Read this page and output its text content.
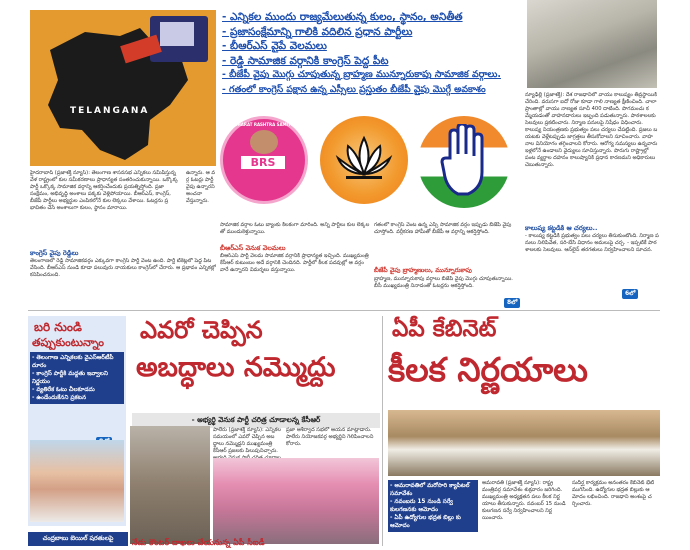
TELANGANA
- ఎన్నికల ముందు రాజ్యమేలుతున్న కులం, స్థానం, అనితీత
- ప్రజాసంక్షేమాన్ని గాలికి వదిలిన ప్రధాన పార్టీలు
- బీఆర్ఎస్ వైపే వెలమలు
- రెడ్డి సామాజిక వర్గానికి కాంగ్రెస్ పెద్ద పీట
- బీజేపీ వైపు మొగ్గు చూపుతున్న బ్రాహ్మణ మున్నూరుకాపు సామాజిక వర్గాలు.
- గతంలో కాంగ్రెస్ పక్షాన ఉన్న ఎస్సీలు ప్రస్తుతం బీజేపీ వైపు మొగ్గే అవకాశం
న్యూఢిల్లీ (ప్రజాశక్తి): దేశ రాజధానిలో వాయు కాలుష్యం తీవ్రస్థాయికి చేరింది. వరుసగా ఐదో రోజు కూడా గాలి నాణ్యత క్షీణించింది. చాలా ప్రాంతాల్లో వాయు నాణ్యత సూచీ 400 దాటింది. పొగమంచు కమ్మేయడంతో వాహనదారులు ఇబ్బంది పడుతున్నారు. పాఠశాలలకు సెలవులు ప్రకటించారు. నిర్మాణ పనులపై నిషేధం విధించారు. కాలుష్య నియంత్రణకు ప్రభుత్వం పలు చర్యలు చేపట్టింది. ప్రజలు బయటకు వెళ్లేటప్పుడు జాగ్రత్తలు తీసుకోవాలని సూచించారు. వాహనాల వినియోగం తగ్గించాలని కోరారు. ఆరోగ్య సమస్యలు ఉన్నవారు ఇళ్లలోనే ఉండాలని వైద్యులు సూచిస్తున్నారు. పొరుగు రాష్ట్రాల్లో పంట వ్యర్థాల దహనం కాలుష్యానికి ప్రధాన కారణమని అధికారులు చెబుతున్నారు.
కాలుష్య కట్టడికి ఆ చర్యలు..
- కాలుష్య కట్టడికి ప్రభుత్వం పలు చర్యలు తీసుకుంటోంది. నిర్మాణ పనులు నిలిపివేత, సరి-బేసి విధానం అమలుపై చర్చ. - ఇప్పటికే పాఠశాలలకు సెలవులు. ఆన్‌లైన్ తరగతులు నిర్వహించాలని సూచన.
6లో
BHARAT RASHTRA SAMITHI
BRS
హైదరాబాద్ (ప్రజాశక్తి న్యూస్): తెలంగాణ శాసనసభ ఎన్నికలు సమీపిస్తున్న వేళ రాష్ట్రంలో కుల సమీకరణాలు ప్రాధాన్యత సంతరించుకున్నాయి. ఒక్కొక్క పార్టీ ఒక్కొక్క సామాజిక వర్గాన్ని ఆకర్షించేందుకు ప్రయత్నిస్తోంది. ప్రజా సంక్షేమం, అభివృద్ధి అంశాలు పక్కకు వెళ్లిపోయాయి. బీఆర్ఎస్, కాంగ్రెస్, బీజేపీ పార్టీలు అభ్యర్థుల ఎంపికలోనే కుల లెక్కలు వేశాయి. ఓటర్లను ప్రభావితం చేసే అంశాలుగా కులం, స్థానం మారాయి.
ఉన్నారు. ఆ వర్గ ఓటర్లు పార్టీ వైపు ఉన్నారని అంచనా వేస్తున్నారు.
కాంగ్రెస్ వైపు రెడ్డిలు
తెలంగాణలో రెడ్డి సామాజికవర్గం ఎక్కువగా కాంగ్రెస్ పార్టీ వెంట ఉంది. పార్టీ టికెట్లలో పెద్ద పీట వేసింది. బీఆర్ఎస్ నుండి కూడా పలువురు నాయకులు కాంగ్రెస్‌లో చేరారు. ఆ ప్రభావం ఎన్నికల్లో కనిపించనుంది.
సామాజిక వర్గాల ఓటు బ్యాంకు కీలకంగా మారింది. అన్ని పార్టీలు కుల లెక్కలతో ముందుకెళ్తున్నాయి.
బీఆర్ఎస్ వెనుక వెలమలు
బీఆర్ఎస్ పార్టీ వెలమ సామాజిక వర్గానికి ప్రాధాన్యత ఇచ్చింది. ముఖ్యమంత్రి కేసీఆర్ కుటుంబం అదే వర్గానికి చెందినది. పార్టీలో కీలక పదవుల్లో ఆ వర్గం వారే ఉన్నారని విమర్శలు వస్తున్నాయి.
గతంలో కాంగ్రెస్ వెంట ఉన్న ఎస్సీ సామాజిక వర్గం ఇప్పుడు బీజేపీ వైపు చూస్తోంది. వర్గీకరణ హామీతో బీజేపీ ఆ వర్గాన్ని ఆకర్షిస్తోంది.
బీజేపీ వైపు బ్రాహ్మణులు, మున్నూరుకాపు
బ్రాహ్మణ, మున్నూరుకాపు వర్గాలు బీజేపీ వైపు మొగ్గు చూపుతున్నాయి. బీసీ ముఖ్యమంత్రి నినాదంతో ఓటర్లను ఆకర్షిస్తోంది.
8లో
బరి నుండి
తప్పుకుంటున్నాం
- తెలంగాణ ఎన్నికలకు వైఎస్ఆర్‌టీపీ దూరం
- కాంగ్రెస్ పార్టీకి మద్దతు ఇవ్వాలని నిర్ణయం
- వ్యతిరేక ఓటు చీలకూడదు
- ఉండేందుకేనని ప్రకటన
ఎవరో చెప్పిన
అబద్ధాలు నమ్మొద్దు
- అభ్యర్థి వెనుక పార్టీ చరిత్ర చూడాలన్న కేసీఆర్
పాలేరు (ప్రజాశక్తి న్యూస్): ఎన్నికల సమయంలో ఎవరో చెప్పిన అబద్ధాలు నమ్మొద్దని ముఖ్యమంత్రి కేసీఆర్ ప్రజలకు పిలుపునిచ్చారు.
ప్రజా ఆశీర్వాద సభలో ఆయన మాట్లాడారు. పాలేరు నియోజకవర్గ అభ్యర్థిని గెలిపించాలని కోరారు.
ఏపీ కేబినెట్
కీలక నిర్ణయాలు
- అమరావతిలో మరోసారి క్యాపిటల్ సమావేశం
- నవంబరు 15 నుండి సర్వే కులగణనకు ఆమోదం
- ఏపీ ఉద్యోగుల భద్రత బిల్లు కు ఆమోదం
అమరావతి (ప్రజాశక్తి న్యూస్): రాష్ట్ర మంత్రివర్గ సమావేశం శుక్రవారం జరిగింది. ముఖ్యమంత్రి అధ్యక్షతన పలు కీలక నిర్ణయాలు తీసుకున్నారు. నవంబర్ 15 నుండి కులగణన సర్వే నిర్వహించాలని నిర్ణయించారు.
సుదీర్ఘ కార్యక్రమం అనంతరం కేబినెట్ భేటీ ముగిసింది. ఉద్యోగుల భద్రత బిల్లుకు ఆమోదం లభించింది. రాజధాని అంశంపై చర్చించారు.
చంద్రబాబు బెయిల్ షరతులపై	నేడు కౌంటర్ దాఖలు చేయనున్న ఏపీ సీఐడీ
